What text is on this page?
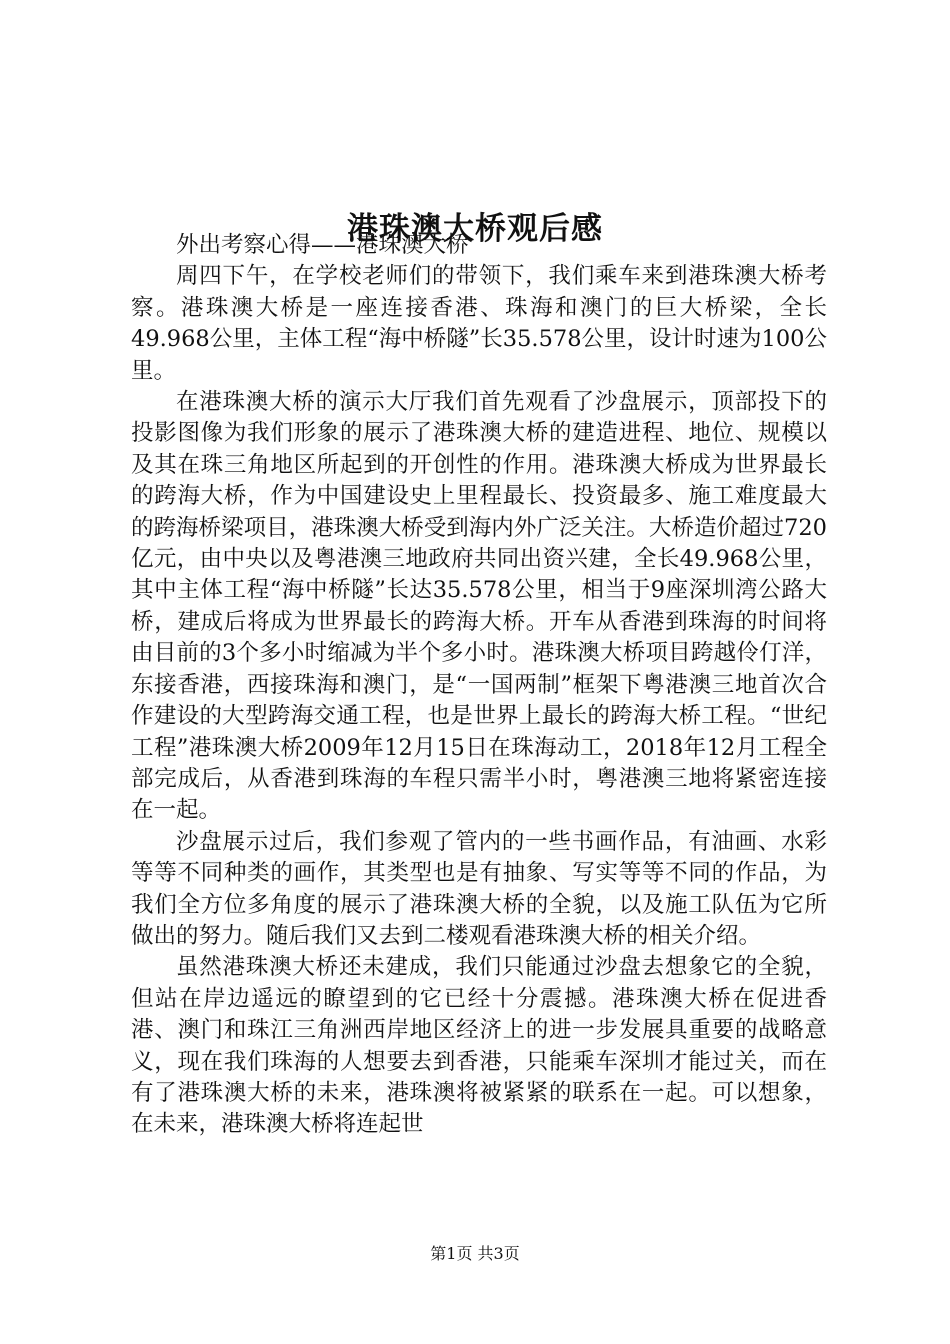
港珠澳大桥观后感

外出考察心得——港珠澳大桥

周四下午，在学校老师们的带领下，我们乘车来到港珠澳大桥考察。港珠澳大桥是一座连接香港、珠海和澳门的巨大桥梁，全长49.968公里，主体工程“海中桥隧”长35.578公里，设计时速为100公里。

在港珠澳大桥的演示大厅我们首先观看了沙盘展示，顶部投下的投影图像为我们形象的展示了港珠澳大桥的建造进程、地位、规模以及其在珠三角地区所起到的开创性的作用。港珠澳大桥成为世界最长的跨海大桥，作为中国建设史上里程最长、投资最多、施工难度最大的跨海桥梁项目，港珠澳大桥受到海内外广泛关注。大桥造价超过720亿元，由中央以及粤港澳三地政府共同出资兴建，全长49.968公里，其中主体工程“海中桥隧”长达35.578公里，相当于9座深圳湾公路大桥，建成后将成为世界最长的跨海大桥。开车从香港到珠海的时间将由目前的3个多小时缩减为半个多小时。港珠澳大桥项目跨越伶仃洋，东接香港，西接珠海和澳门，是“一国两制”框架下粤港澳三地首次合作建设的大型跨海交通工程，也是世界上最长的跨海大桥工程。“世纪工程”港珠澳大桥2009年12月15日在珠海动工，2018年12月工程全部完成后，从香港到珠海的车程只需半小时，粤港澳三地将紧密连接在一起。

沙盘展示过后，我们参观了管内的一些书画作品，有油画、水彩等等不同种类的画作，其类型也是有抽象、写实等等不同的作品，为我们全方位多角度的展示了港珠澳大桥的全貌，以及施工队伍为它所做出的努力。随后我们又去到二楼观看港珠澳大桥的相关介绍。

虽然港珠澳大桥还未建成，我们只能通过沙盘去想象它的全貌，但站在岸边遥远的瞭望到的它已经十分震撼。港珠澳大桥在促进香港、澳门和珠江三角洲西岸地区经济上的进一步发展具重要的战略意义，现在我们珠海的人想要去到香港，只能乘车深圳才能过关，而在有了港珠澳大桥的未来，港珠澳将被紧紧的联系在一起。可以想象，在未来，港珠澳大桥将连起世

第1页 共3页
